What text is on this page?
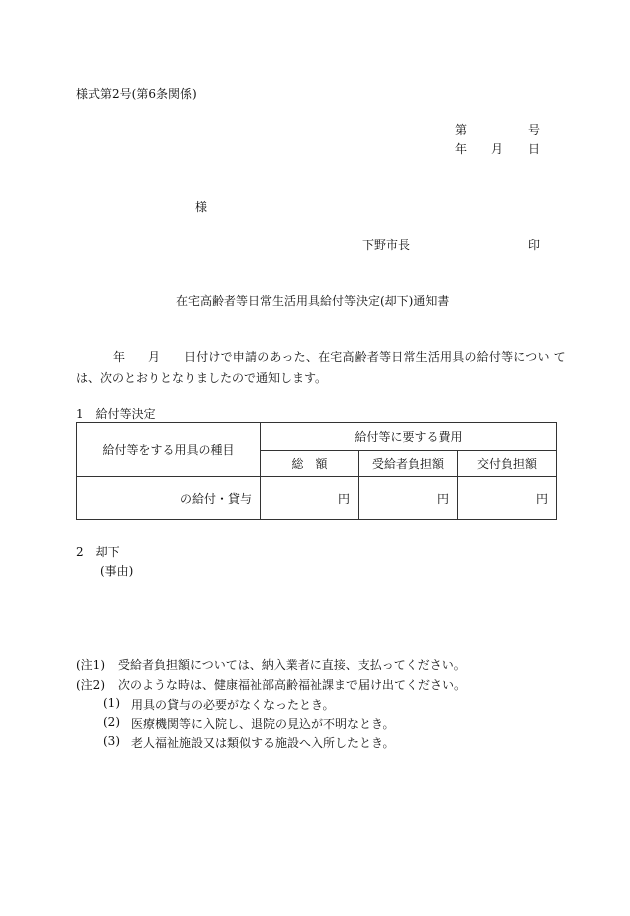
様式第2号(第6条関係)
第	号
年 月 日
様
下野市長	印
在宅高齢者等日常生活用具給付等決定(却下)通知書
年 月 日付けで申請のあった、在宅高齢者等日常生活用具の給付等につい て
は、次のとおりとなりましたので通知します。
1　給付等決定
給付等をする用具の種目	給付等に要する費用		
	総　額	受給者負担額	交付負担額
の給付・貸与	円	円	円
2　却下
(事由)
(注1) 受給者負担額については、納入業者に直接、支払ってください。
(注2) 次のような時は、健康福祉部高齢福祉課まで届け出てください。
(1) 用具の貸与の必要がなくなったとき。
(2) 医療機関等に入院し、退院の見込が不明なとき。
(3) 老人福祉施設又は類似する施設へ入所したとき。
